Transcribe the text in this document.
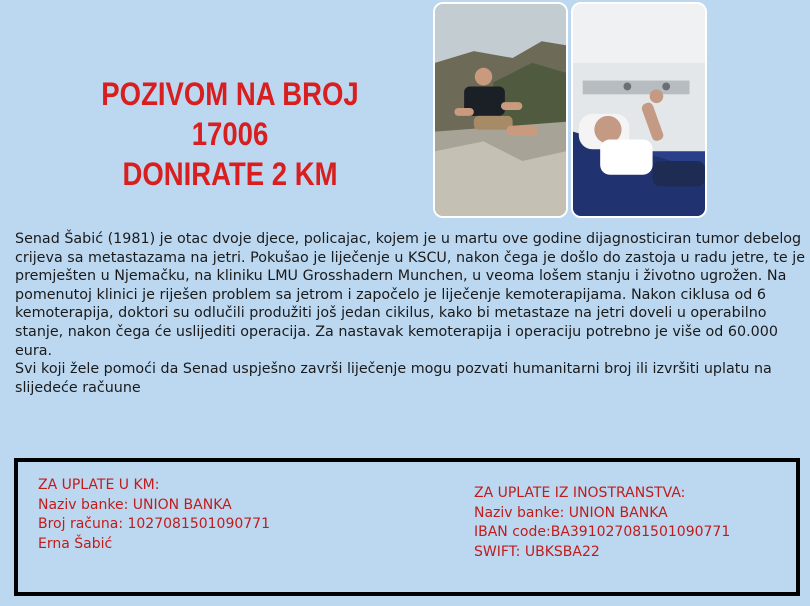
POZIVOM NA BROJ 17006
DONIRATE 2 KM

Senad Šabić (1981) je otac dvoje djece, policajac, kojem je u martu ove godine dijagnosticiran tumor debelog crijeva sa metastazama na jetri. Pokušao je liječenje u KSCU, nakon čega je došlo do zastoja u radu jetre, te je premješten u Njemačku, na kliniku LMU Grosshadern Munchen, u veoma lošem stanju i životno ugrožen. Na pomenutoj klinici je riješen problem sa jetrom i započelo je liječenje kemoterapijama. Nakon ciklusa od 6 kemoterapija, doktori su odlučili produžiti još jedan cikilus, kako bi metastaze na jetri doveli u operabilno stanje, nakon čega će uslijediti operacija. Za nastavak kemoterapija i operaciju potrebno je više od 60.000 eura.

Svi koji žele pomoći da Senad uspješno završi liječenje mogu pozvati humanitarni broj ili izvršiti uplatu na slijedeće račuune

ZA UPLATE U KM:
Naziv banke: UNION BANKA
Broj računa: 1027081501090771
Erna Šabić
ZA UPLATE IZ INOSTRANSTVA:
Naziv banke: UNION BANKA
IBAN code:BA391027081501090771
SWIFT: UBKSBA22
